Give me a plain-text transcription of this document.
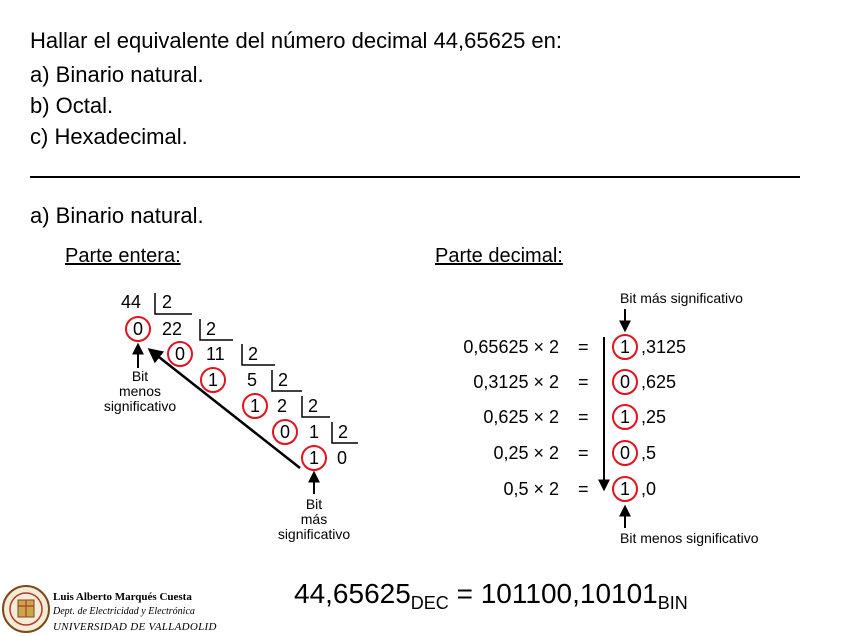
Hallar el equivalente del número decimal 44,65625 en:
a) Binario natural.
b) Octal.
c) Hexadecimal.
a) Binario natural.
Parte entera:	Parte decimal:
44 2
22 2
11 2
5 2
2 2
1 2
0
0
1
1
0
1 0
Bit
menos
significativo
Bit
más
significativo
0,65625 × 2
0,3125 × 2
0,625 × 2
0,25 × 2
0,5 × 2
=
=
=
=
=
1
0
1
0
1
,3125
,625
,25
,5
,0
Bit más significativo
Bit menos significativo
$44,65625_{DEC} = 101100,10101_{BIN}$
Luis Alberto Marqués Cuesta
Dept. de Electricidad y Electrónica
UNIVERSIDAD DE VALLADOLID
